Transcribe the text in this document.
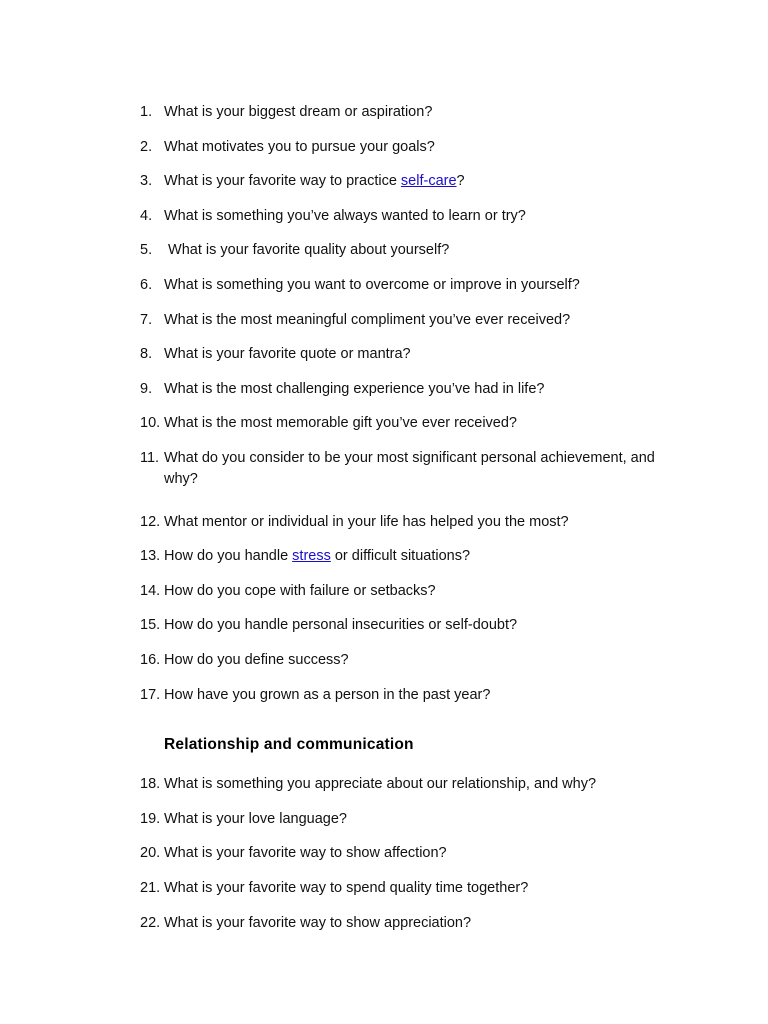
1. What is your biggest dream or aspiration?
2. What motivates you to pursue your goals?
3. What is your favorite way to practice self-care?
4. What is something you’ve always wanted to learn or try?
5. What is your favorite quality about yourself?
6. What is something you want to overcome or improve in yourself?
7. What is the most meaningful compliment you’ve ever received?
8. What is your favorite quote or mantra?
9. What is the most challenging experience you’ve had in life?
10. What is the most memorable gift you’ve ever received?
11. What do you consider to be your most significant personal achievement, and why?
12. What mentor or individual in your life has helped you the most?
13. How do you handle stress or difficult situations?
14. How do you cope with failure or setbacks?
15. How do you handle personal insecurities or self-doubt?
16. How do you define success?
17. How have you grown as a person in the past year?
Relationship and communication
18. What is something you appreciate about our relationship, and why?
19. What is your love language?
20. What is your favorite way to show affection?
21. What is your favorite way to spend quality time together?
22. What is your favorite way to show appreciation?
